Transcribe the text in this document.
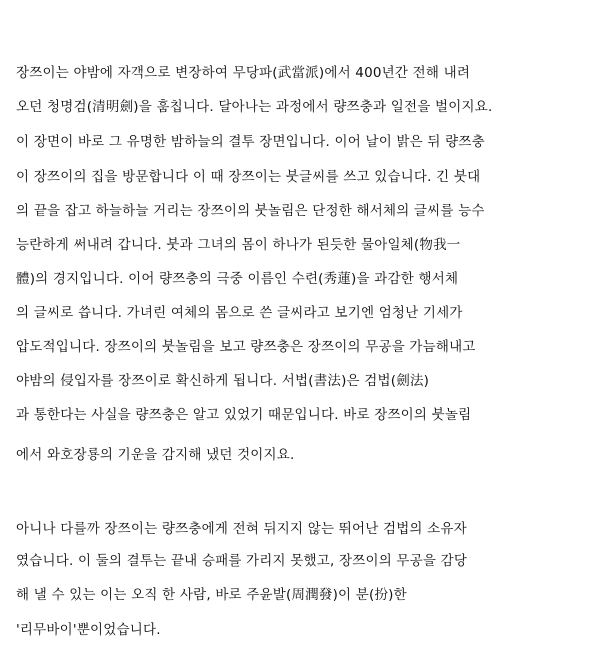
장쯔이는 야밤에 자객으로 변장하여 무당파(武當派)에서 400년간 전해 내려
오던 청명검(清明劍)을 훔칩니다. 달아나는 과정에서 량쯔충과 일전을 벌이지요.
이 장면이 바로 그 유명한 밤하늘의 결투 장면입니다. 이어 날이 밝은 뒤 량쯔충
이 장쯔이의 집을 방문합니다 이 때 장쯔이는 붓글씨를 쓰고 있습니다. 긴 붓대
의 끝을 잡고 하늘하늘 거리는 장쯔이의 붓놀림은 단정한 해서체의 글씨를 능수
능란하게 써내려 갑니다. 붓과 그녀의 몸이 하나가 된듯한 물아일체(物我一
體)의 경지입니다. 이어 량쯔충의 극중 이름인 수련(秀蓮)을 과감한 행서체
의 글씨로 씁니다. 가녀린 여체의 몸으로 쓴 글씨라고 보기엔 엄청난 기세가
압도적입니다. 장쯔이의 붓놀림을 보고 량쯔충은 장쯔이의 무공을 가늠해내고
야밤의 侵입자를 장쯔이로 확신하게 됩니다. 서법(書法)은 검법(劍法)
과 통한다는 사실을 량쯔충은 알고 있었기 때문입니다. 바로 장쯔이의 붓놀림
에서 와호장룡의 기운을 감지해 냈던 것이지요.
아니나 다를까 장쯔이는 량쯔충에게 전혀 뒤지지 않는 뛰어난 검법의 소유자
였습니다. 이 둘의 결투는 끝내 승패를 가리지 못했고, 장쯔이의 무공을 감당
해 낼 수 있는 이는 오직 한 사람, 바로 주윤발(周潤發)이 분(扮)한
'리무바이'뿐이었습니다.
